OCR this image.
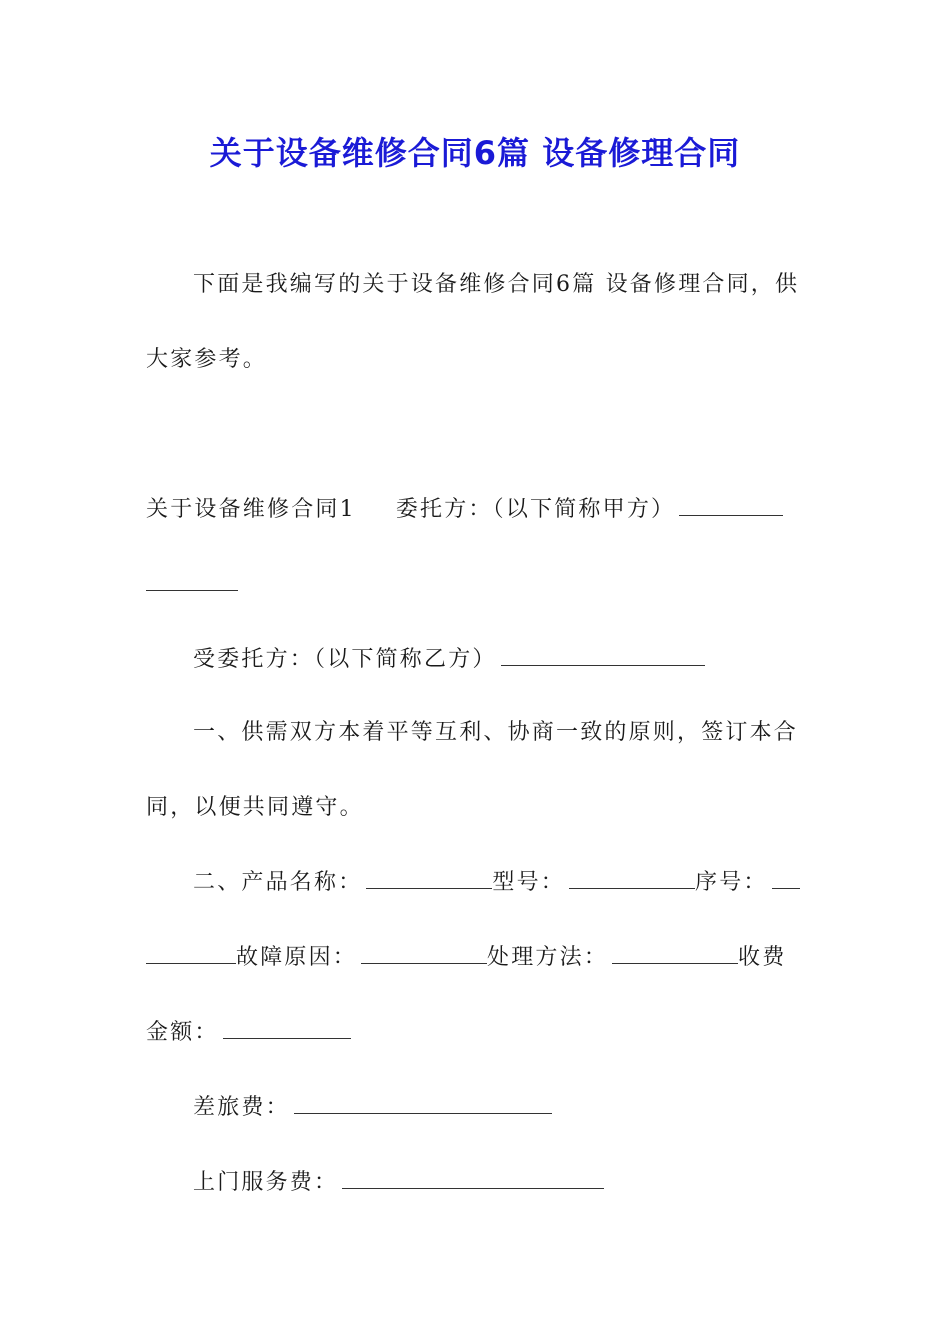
关于设备维修合同6篇 设备修理合同
下面是我编写的关于设备维修合同6篇 设备修理合同，供
大家参考。
关于设备维修合同1 委托方：（以下简称甲方）
受委托方：（以下简称乙方）
一、供需双方本着平等互利、协商一致的原则，签订本合
同，以便共同遵守。
二、产品名称：	型号：	序号：
故障原因：	处理方法：	收费
金额：
差旅费：
上门服务费：
